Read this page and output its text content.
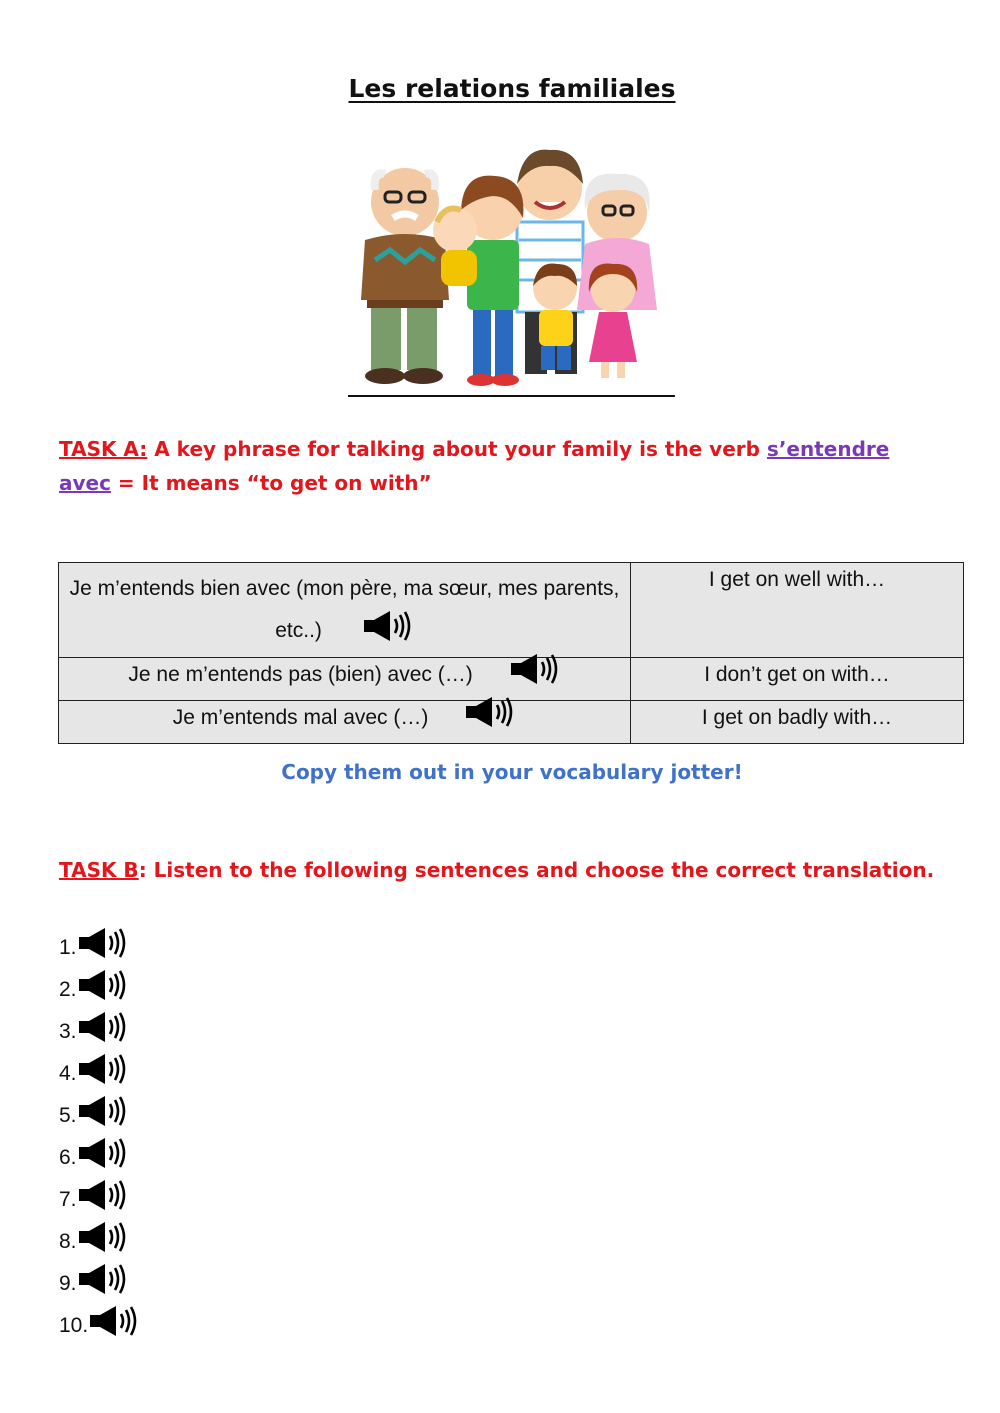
Les relations familiales
TASK A: A key phrase for talking about your family is the verb s’entendre avec = It means “to get on with”
Je m’entends bien avec (mon père, ma sœur, mes parents, etc..)	I get on well with…
Je ne m’entends pas (bien) avec (…)	I don’t get on with…
Je m’entends mal avec (…)	I get on badly with…
Copy them out in your vocabulary jotter!
TASK B: Listen to the following sentences and choose the correct translation.
1.
2.
3.
4.
5.
6.
7.
8.
9.
10.
